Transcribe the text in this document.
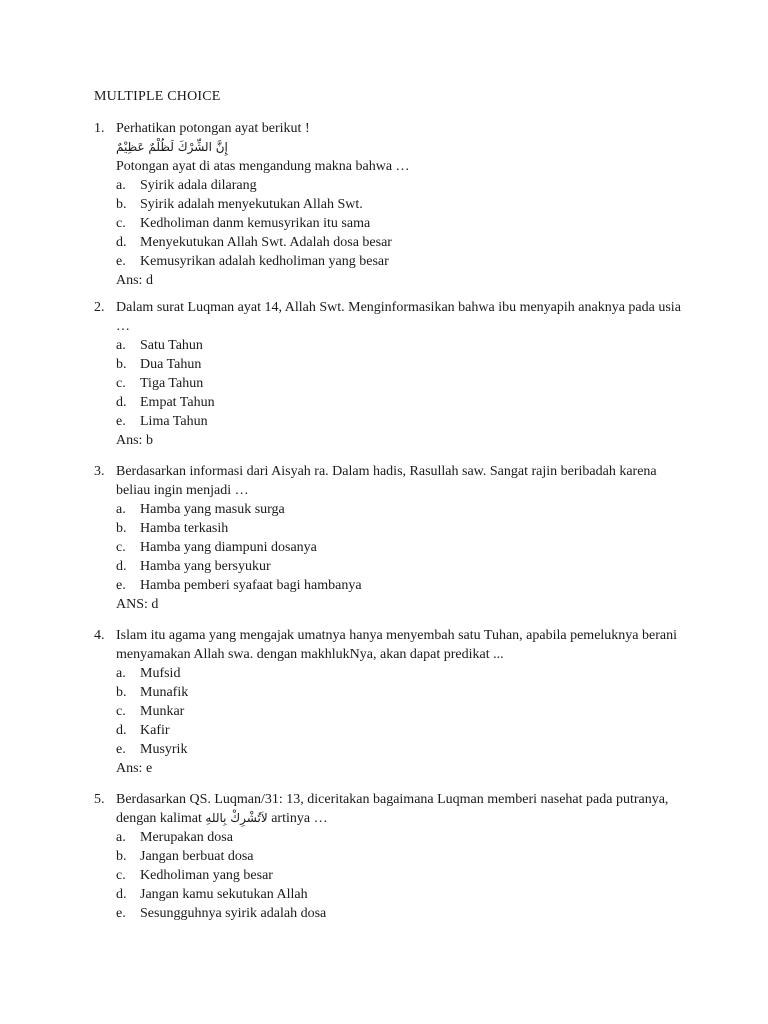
MULTIPLE CHOICE
1. Perhatikan potongan ayat berikut !
إِنَّ الشِّرْكَ لَظُلْمٌ عَظِيْمٌ
Potongan ayat di atas mengandung makna bahwa …
a. Syirik adala dilarang
b. Syirik adalah menyekutukan Allah Swt.
c. Kedholiman danm kemusyrikan itu sama
d. Menyekutukan Allah Swt. Adalah dosa besar
e. Kemusyrikan adalah kedholiman yang besar
Ans: d
2. Dalam surat Luqman ayat 14, Allah Swt. Menginformasikan bahwa ibu menyapih anaknya pada usia …
a. Satu Tahun
b. Dua Tahun
c. Tiga Tahun
d. Empat Tahun
e. Lima Tahun
Ans: b
3. Berdasarkan informasi dari Aisyah ra. Dalam hadis, Rasullah saw. Sangat rajin beribadah karena beliau ingin menjadi …
a. Hamba yang masuk surga
b. Hamba terkasih
c. Hamba yang diampuni dosanya
d. Hamba yang bersyukur
e. Hamba pemberi syafaat bagi hambanya
ANS: d
4. Islam itu agama yang mengajak umatnya hanya menyembah satu Tuhan, apabila pemeluknya berani menyamakan Allah swa. dengan makhlukNya, akan dapat predikat ...
a. Mufsid
b. Munafik
c. Munkar
d. Kafir
e. Musyrik
Ans: e
5. Berdasarkan QS. Luqman/31: 13, diceritakan bagaimana Luqman memberi nasehat pada putranya, dengan kalimat لاَتُشْرِكْ بِاللهِ artinya …
a. Merupakan dosa
b. Jangan berbuat dosa
c. Kedholiman yang besar
d. Jangan kamu sekutukan Allah
e. Sesungguhnya syirik adalah dosa
